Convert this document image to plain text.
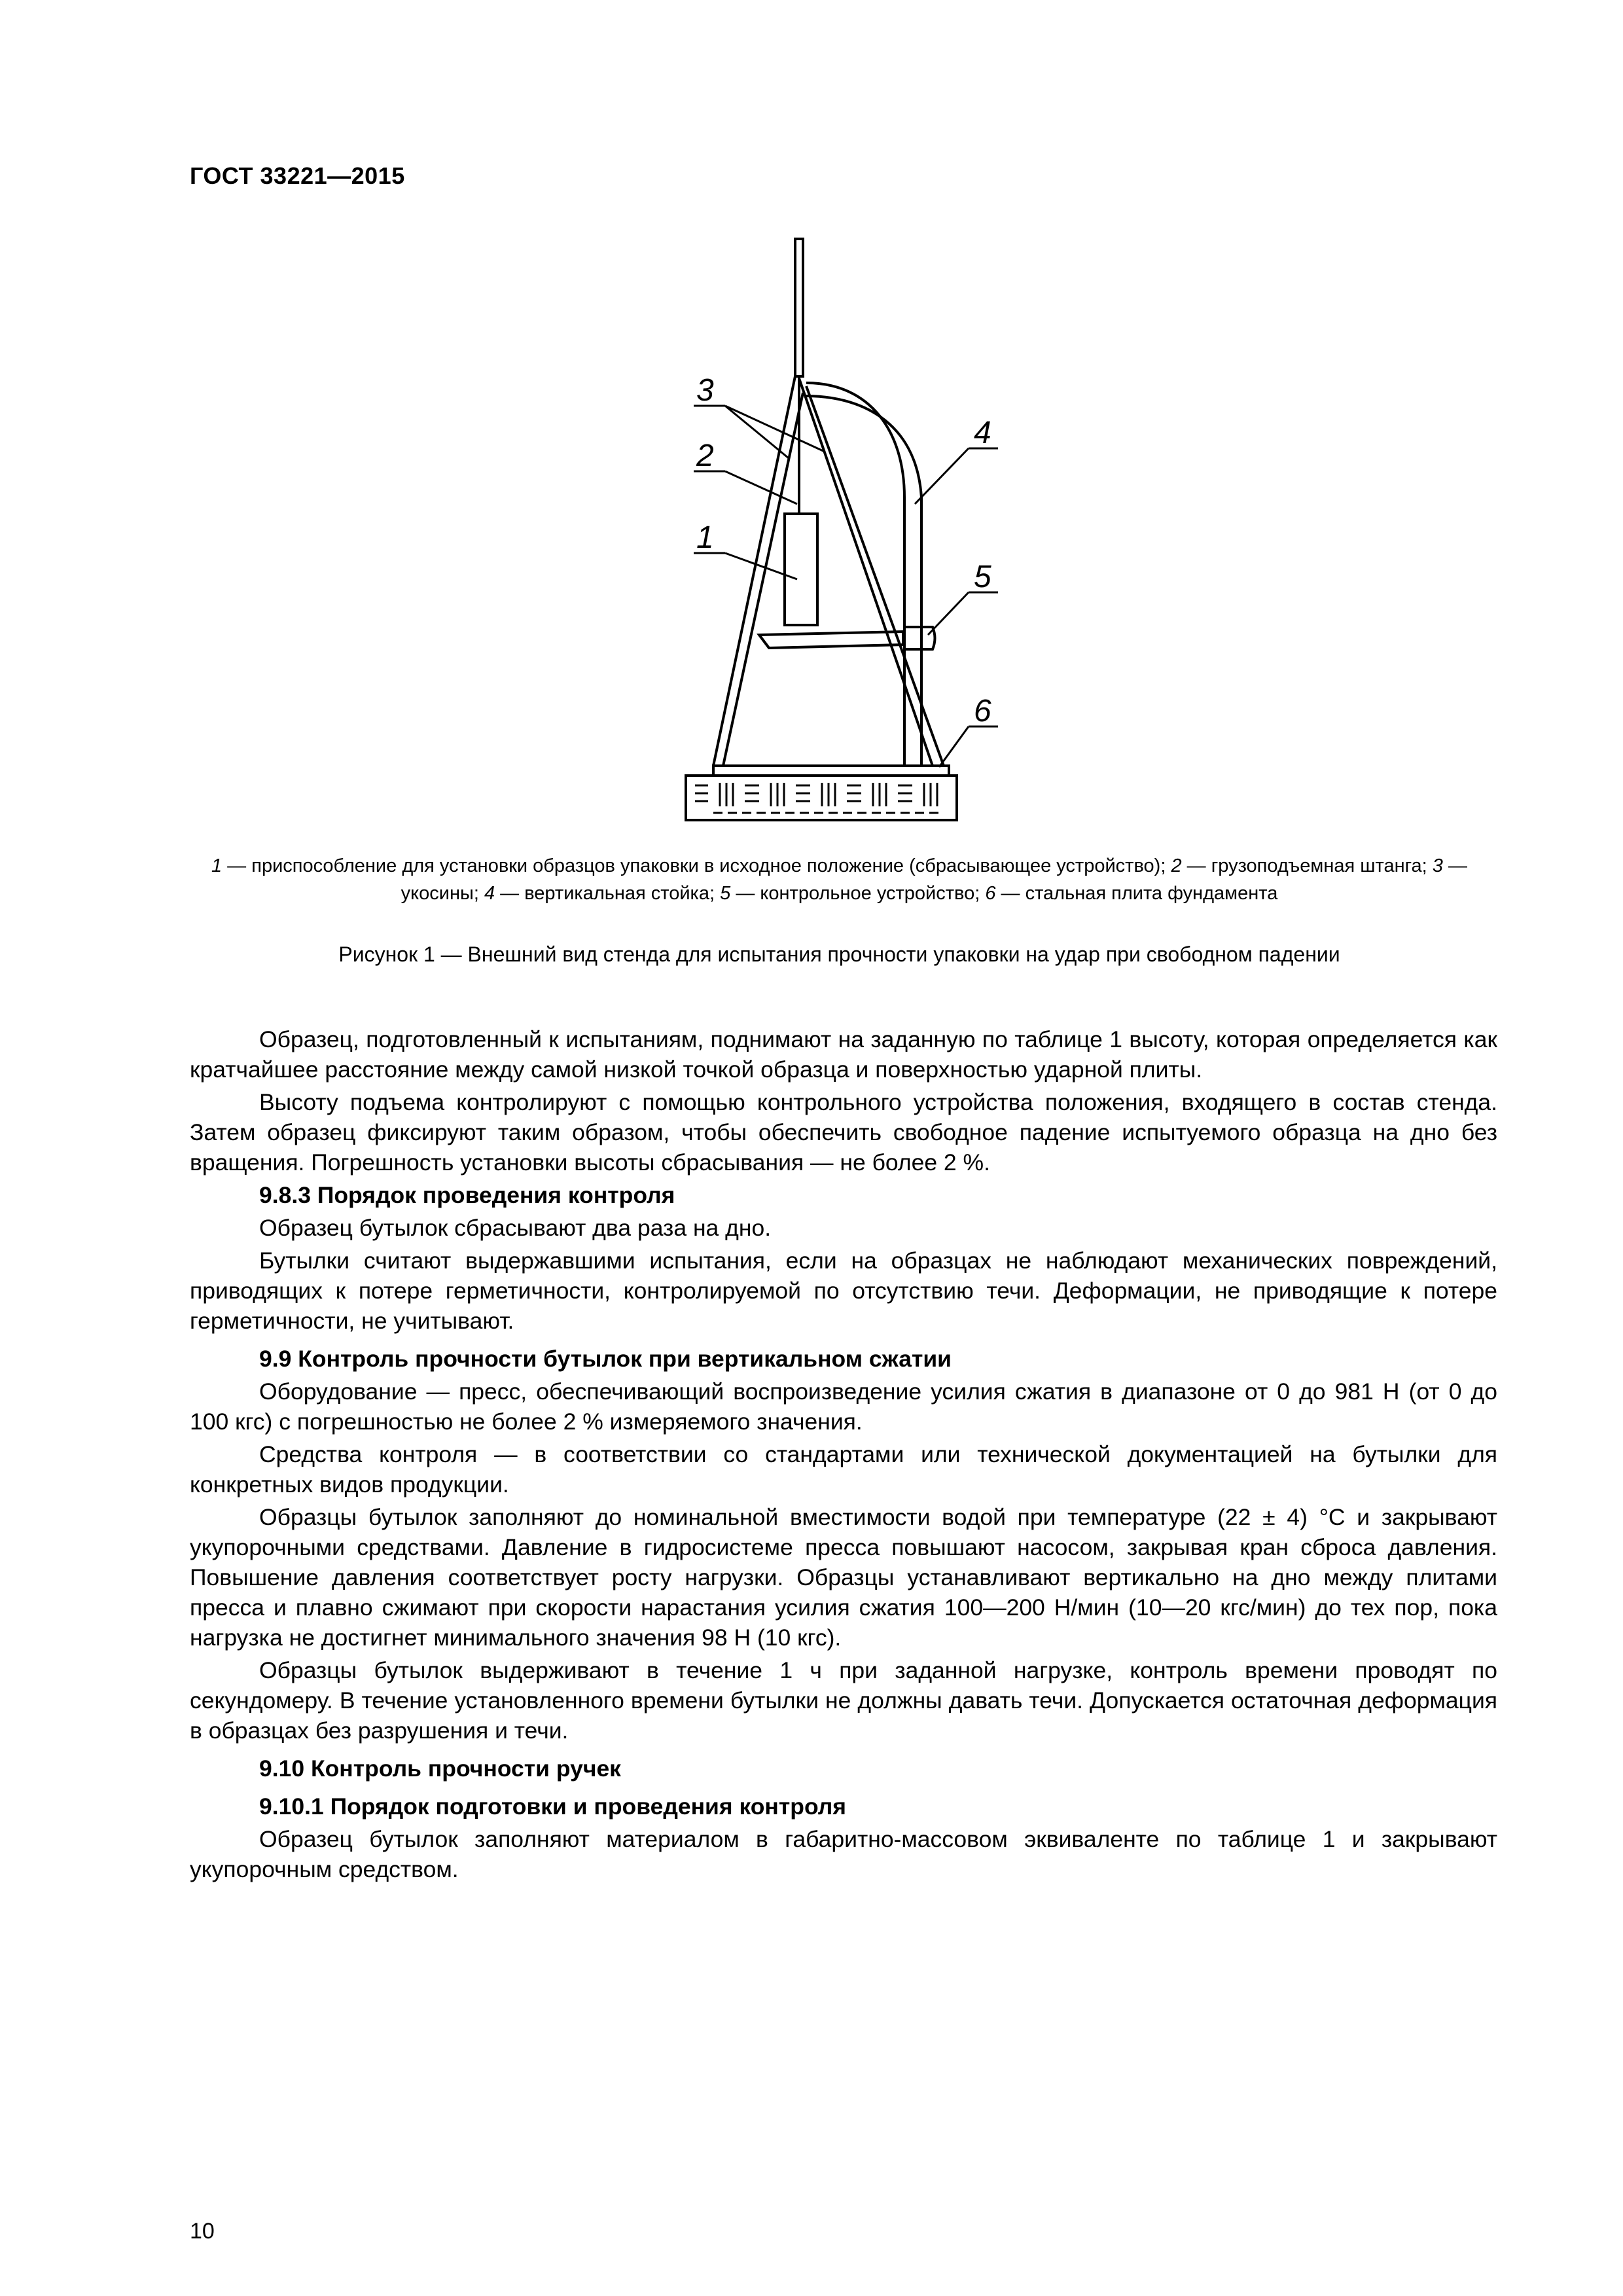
ГОСТ 33221—2015
3
2
1
4
5
6
1 — приспособление для установки образцов упаковки в исходное положение (сбрасывающее устройство); 2 — грузоподъемная штанга; 3 — укосины; 4 — вертикальная стойка; 5 — контрольное устройство; 6 — стальная плита фундамента
Рисунок 1 — Внешний вид стенда для испытания прочности упаковки на удар при свободном падении

Образец, подготовленный к испытаниям, поднимают на заданную по таблице 1 высоту, которая определяется как кратчайшее расстояние между самой низкой точкой образца и поверхностью ударной плиты.

Высоту подъема контролируют с помощью контрольного устройства положения, входящего в состав стенда. Затем образец фиксируют таким образом, чтобы обеспечить свободное падение испытуемого образца на дно без вращения. Погрешность установки высоты сбрасывания — не более 2 %.

9.8.3 Порядок проведения контроля

Образец бутылок сбрасывают два раза на дно.

Бутылки считают выдержавшими испытания, если на образцах не наблюдают механических повреждений, приводящих к потере герметичности, контролируемой по отсутствию течи. Деформации, не приводящие к потере герметичности, не учитывают.

9.9 Контроль прочности бутылок при вертикальном сжатии

Оборудование — пресс, обеспечивающий воспроизведение усилия сжатия в диапазоне от 0 до 981 Н (от 0 до 100 кгс) с погрешностью не более 2 % измеряемого значения.

Средства контроля — в соответствии со стандартами или технической документацией на бутылки для конкретных видов продукции.

Образцы бутылок заполняют до номинальной вместимости водой при температуре (22 ± 4) °С и закрывают укупорочными средствами. Давление в гидросистеме пресса повышают насосом, закрывая кран сброса давления. Повышение давления соответствует росту нагрузки. Образцы устанавливают вертикально на дно между плитами пресса и плавно сжимают при скорости нарастания усилия сжатия 100—200 Н/мин (10—20 кгс/мин) до тех пор, пока нагрузка не достигнет минимального значения 98 Н (10 кгс).

Образцы бутылок выдерживают в течение 1 ч при заданной нагрузке, контроль времени проводят по секундомеру. В течение установленного времени бутылки не должны давать течи. Допускается остаточная деформация в образцах без разрушения и течи.

9.10 Контроль прочности ручек
9.10.1 Порядок подготовки и проведения контроля

Образец бутылок заполняют материалом в габаритно-массовом эквиваленте по таблице 1 и закрывают укупорочным средством.

10
